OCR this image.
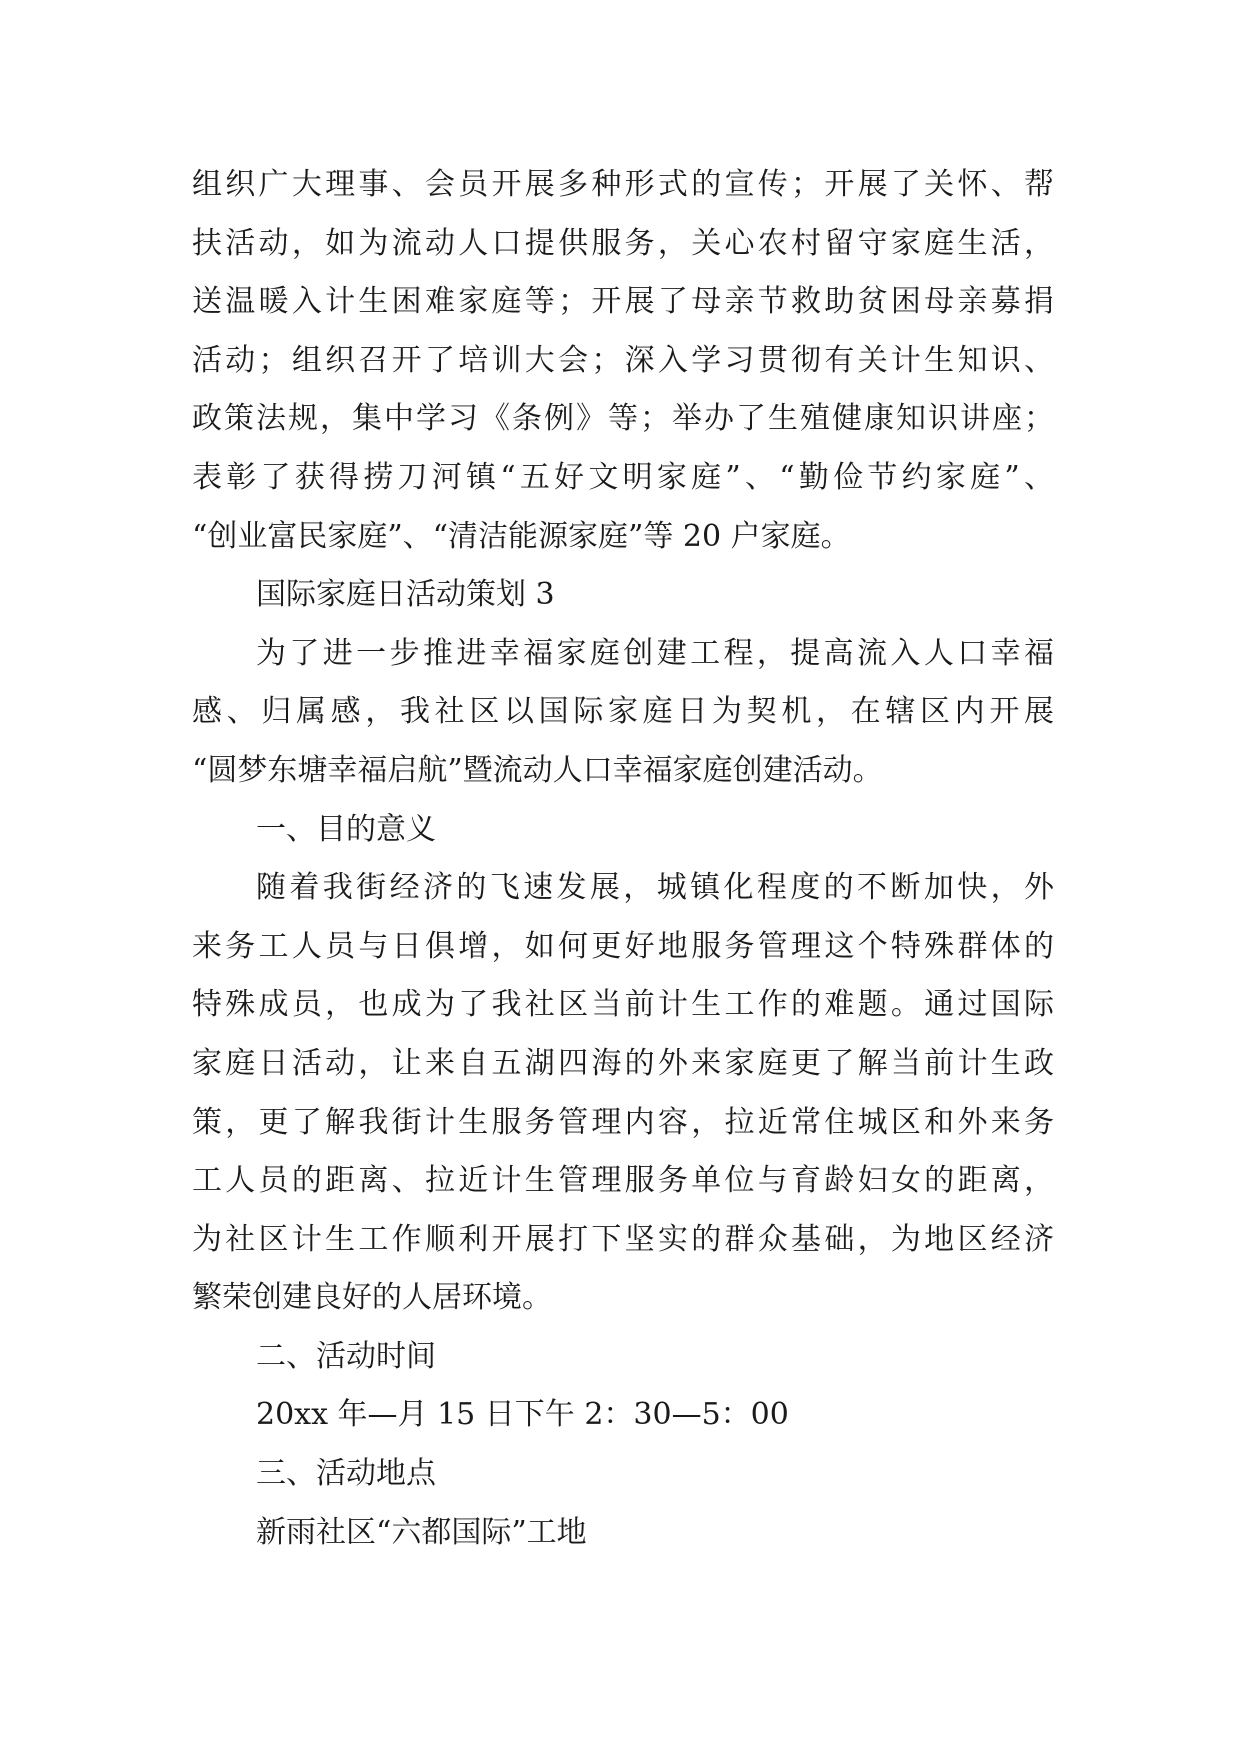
组织广大理事、会员开展多种形式的宣传；开展了关怀、帮
扶活动，如为流动人口提供服务，关心农村留守家庭生活，
送温暖入计生困难家庭等；开展了母亲节救助贫困母亲募捐
活动；组织召开了培训大会；深入学习贯彻有关计生知识、
政策法规，集中学习《条例》等；举办了生殖健康知识讲座；
表彰了获得捞刀河镇“五好文明家庭”、“勤俭节约家庭”、
“创业富民家庭”、“清洁能源家庭”等 20 户家庭。
国际家庭日活动策划 3
为了进一步推进幸福家庭创建工程，提高流入人口幸福
感、归属感，我社区以国际家庭日为契机，在辖区内开展
“圆梦东塘幸福启航”暨流动人口幸福家庭创建活动。
一、目的意义
随着我街经济的飞速发展，城镇化程度的不断加快，外
来务工人员与日俱增，如何更好地服务管理这个特殊群体的
特殊成员，也成为了我社区当前计生工作的难题。通过国际
家庭日活动，让来自五湖四海的外来家庭更了解当前计生政
策，更了解我街计生服务管理内容，拉近常住城区和外来务
工人员的距离、拉近计生管理服务单位与育龄妇女的距离，
为社区计生工作顺利开展打下坚实的群众基础，为地区经济
繁荣创建良好的人居环境。
二、活动时间
20xx 年—月 15 日下午 2：30—5：00
三、活动地点
新雨社区“六都国际”工地
